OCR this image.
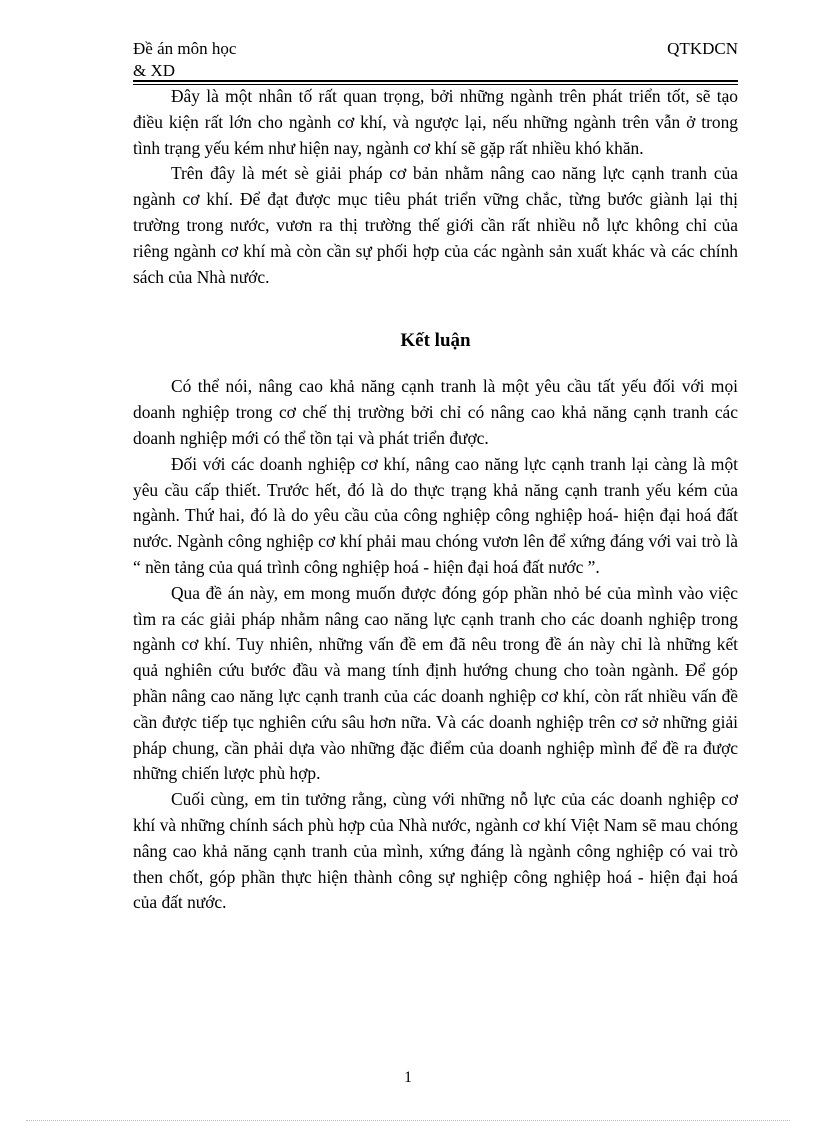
Đề án môn học
& XD
QTKDCN

Đây là một nhân tố rất quan trọng, bởi những ngành trên phát triển tốt, sẽ tạo điều kiện rất lớn cho ngành cơ khí, và ngược lại, nếu những ngành trên vẫn ở trong tình trạng yếu kém như hiện nay, ngành cơ khí sẽ gặp rất nhiều khó khăn.

Trên đây là mét sè giải pháp cơ bản nhằm nâng cao năng lực cạnh tranh của ngành cơ khí. Để đạt được mục tiêu phát triển vững chắc, từng bước giành lại thị trường trong nước, vươn ra thị trường thế giới cần rất nhiều nỗ lực không chỉ của riêng ngành cơ khí mà còn cần sự phối hợp của các ngành sản xuất khác và các chính sách của Nhà nước.

Kết luận

Có thể nói, nâng cao khả năng cạnh tranh là một yêu cầu tất yếu đối với mọi doanh nghiệp trong cơ chế thị trường bởi chỉ có nâng cao khả năng cạnh tranh các doanh nghiệp mới có thể tồn tại và phát triển được.

Đối với các doanh nghiệp cơ khí, nâng cao năng lực cạnh tranh lại càng là một yêu cầu cấp thiết. Trước hết, đó là do thực trạng khả năng cạnh tranh yếu kém của ngành. Thứ hai, đó là do yêu cầu của công nghiệp công nghiệp hoá- hiện đại hoá đất nước. Ngành công nghiệp cơ khí phải mau chóng vươn lên để xứng đáng với vai trò là “ nền tảng của quá trình công nghiệp hoá - hiện đại hoá đất nước ”.

Qua đề án này, em mong muốn được đóng góp phần nhỏ bé của mình vào việc tìm ra các giải pháp nhằm nâng cao năng lực cạnh tranh cho các doanh nghiệp trong ngành cơ khí. Tuy nhiên, những vấn đề em đã nêu trong đề án này chỉ là những kết quả nghiên cứu bước đầu và mang tính định hướng chung cho toàn ngành. Để góp phần nâng cao năng lực cạnh tranh của các doanh nghiệp cơ khí, còn rất nhiều vấn đề cần được tiếp tục nghiên cứu sâu hơn nữa. Và các doanh nghiệp trên cơ sở những giải pháp chung, cần phải dựa vào những đặc điểm của doanh nghiệp mình để đề ra được những chiến lược phù hợp.

Cuối cùng, em tin tưởng rằng, cùng với những nỗ lực của các doanh nghiệp cơ khí và những chính sách phù hợp của Nhà nước, ngành cơ khí Việt Nam sẽ mau chóng nâng cao khả năng cạnh tranh của mình, xứng đáng là ngành công nghiệp có vai trò then chốt, góp phần thực hiện thành công sự nghiệp công nghiệp hoá - hiện đại hoá của đất nước.

1
